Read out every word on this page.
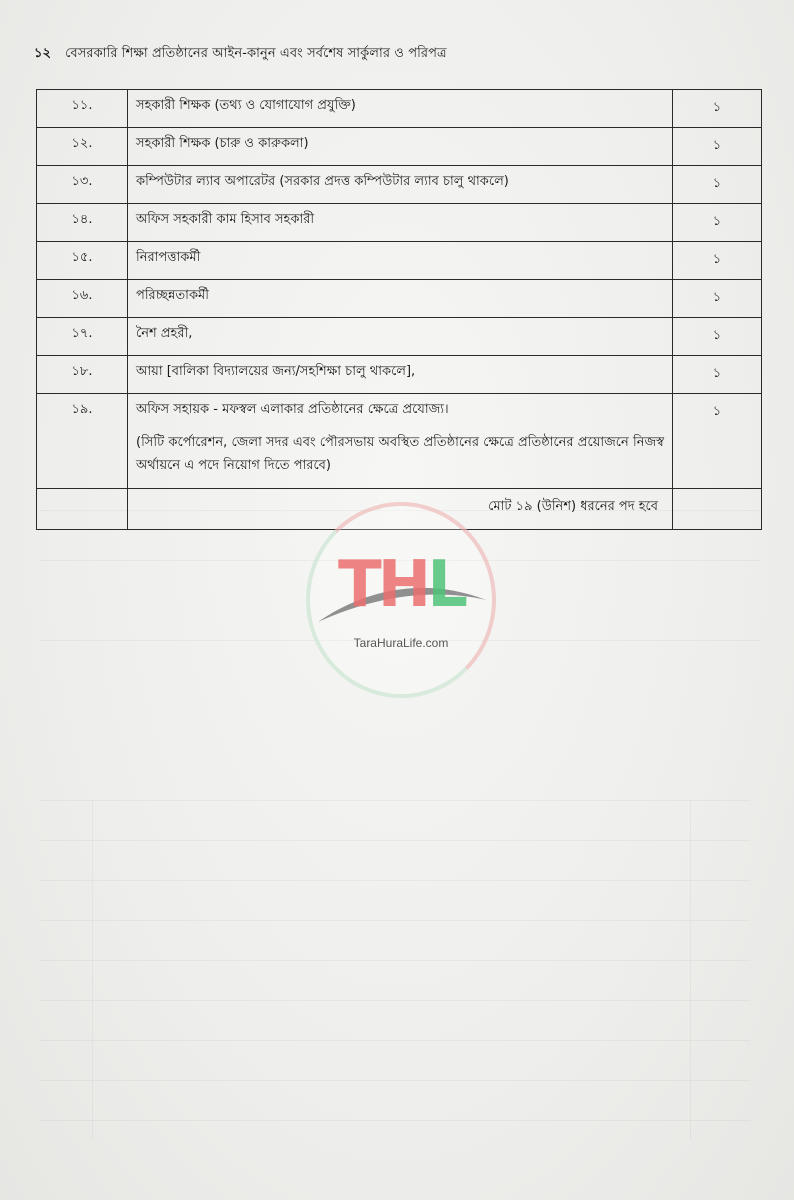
১২ বেসরকারি শিক্ষা প্রতিষ্ঠানের আইন-কানুন এবং সর্বশেষ সার্কুলার ও পরিপত্র
১১.	সহকারী শিক্ষক (তথ্য ও যোগাযোগ প্রযুক্তি)	১
১২.	সহকারী শিক্ষক (চারু ও কারুকলা)	১
১৩.	কম্পিউটার ল্যাব অপারেটর (সরকার প্রদত্ত কম্পিউটার ল্যাব চালু থাকলে)	১
১৪.	অফিস সহকারী কাম হিসাব সহকারী	১
১৫.	নিরাপত্তাকর্মী	১
১৬.	পরিচ্ছন্নতাকর্মী	১
১৭.	নৈশ প্রহরী,	১
১৮.	আয়া [বালিকা বিদ্যালয়ের জন্য/সহশিক্ষা চালু থাকলে],	১
১৯.	অফিস সহায়ক - মফস্বল এলাকার প্রতিষ্ঠানের ক্ষেত্রে প্রযোজ্য।
(সিটি কর্পোরেশন, জেলা সদর এবং পৌরসভায় অবস্থিত প্রতিষ্ঠানের ক্ষেত্রে প্রতিষ্ঠানের প্রয়োজনে নিজস্ব অর্থায়নে এ পদে নিয়োগ দিতে পারবে)	১
	মোট ১৯ (উনিশ) ধরনের পদ হবে	
THL
TaraHuraLife.com
